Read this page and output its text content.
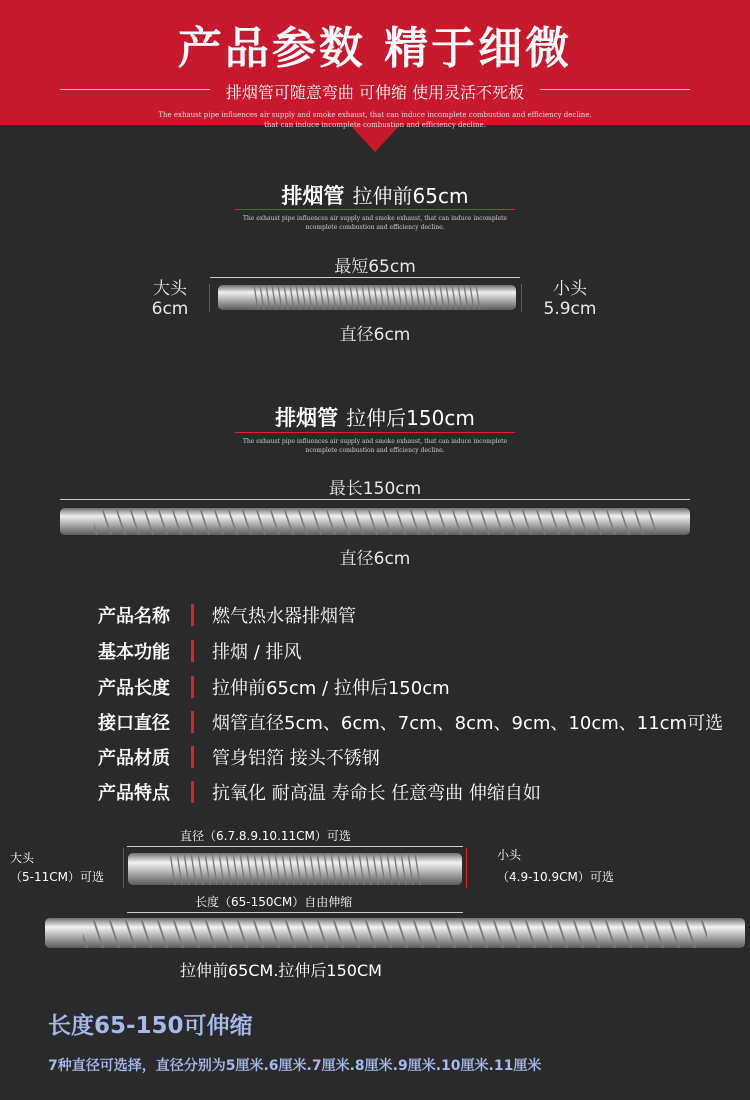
产品参数 精于细微
排烟管可随意弯曲 可伸缩 使用灵活不死板
The exhaust pipe influences air supply and smoke exhaust, that can induce incomplete combustion and efficiency decline.
that can induce incomplete combustion and efficiency decline.
排烟管 拉伸前65cm
The exhaust pipe influences air supply and smoke exhaust, that can induce incomplete
ncomplete combustion and efficiency decline.
最短65cm
大头
6cm
小头
5.9cm
直径6cm
排烟管 拉伸后150cm
The exhaust pipe influences air supply and smoke exhaust, that can induce incomplete
ncomplete combustion and efficiency decline.
最长150cm
直径6cm
产品名称 燃气热水器排烟管
基本功能 排烟 / 排风
产品长度 拉伸前65cm / 拉伸后150cm
接口直径 烟管直径5cm、6cm、7cm、8cm、9cm、10cm、11cm可选
产品材质 管身铝箔 接头不锈钢
产品特点 抗氧化 耐高温 寿命长 任意弯曲 伸缩自如
直径（6.7.8.9.10.11CM）可选
大头
（5-11CM）可选
小头
（4.9-10.9CM）可选
长度（65-150CM）自由伸缩
拉伸前65CM.拉伸后150CM
长度65-150可伸缩
7种直径可选择，直径分别为5厘米.6厘米.7厘米.8厘米.9厘米.10厘米.11厘米
